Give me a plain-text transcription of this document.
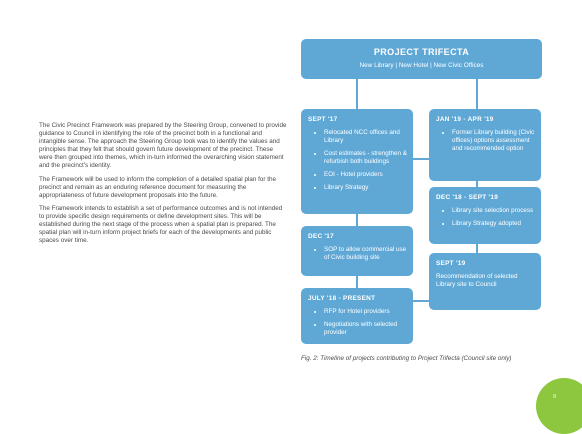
The Civic Precinct Framework was prepared by the Steering Group, convened to provide guidance to Council in identifying the role of the precinct both in a functional and intangible sense. The approach the Steering Group took was to identify the values and principles that they felt that should govern future development of the precinct. These were then grouped into themes, which in-turn informed the overarching vision statement and the precinct's identity.

The Framework will be used to inform the completion of a detailed spatial plan for the precinct and remain as an enduring reference document for measuring the appropriateness of future development proposals into the future.

The Framework intends to establish a set of performance outcomes and is not intended to provide specific design requirements or define development sites. This will be established during the next stage of the process when a spatial plan is prepared. The spatial plan will in-turn inform project briefs for each of the developments and public spaces over time.

PROJECT TRIFECTA
New Library | New Hotel | New Civic Offices
SEPT '17
• Relocated NCC offices and Library
• Cost estimates - strengthen & refurbish both buildings
• EOI - Hotel providers
• Library Strategy
DEC '17
• SOP to allow commercial use of Civic building site
JULY '18 - PRESENT
• RFP for Hotel providers
• Negotiations with selected provider
JAN '19 - APR '19
• Former Library building (Civic offices) options assessment and recommended option
DEC '18 - SEPT '19
• Library site selection process
• Library Strategy adopted
SEPT '19
Recommendation of selected Library site to Council
Fig. 2: Timeline of projects contributing to Project Trifecta (Council site only)
9
